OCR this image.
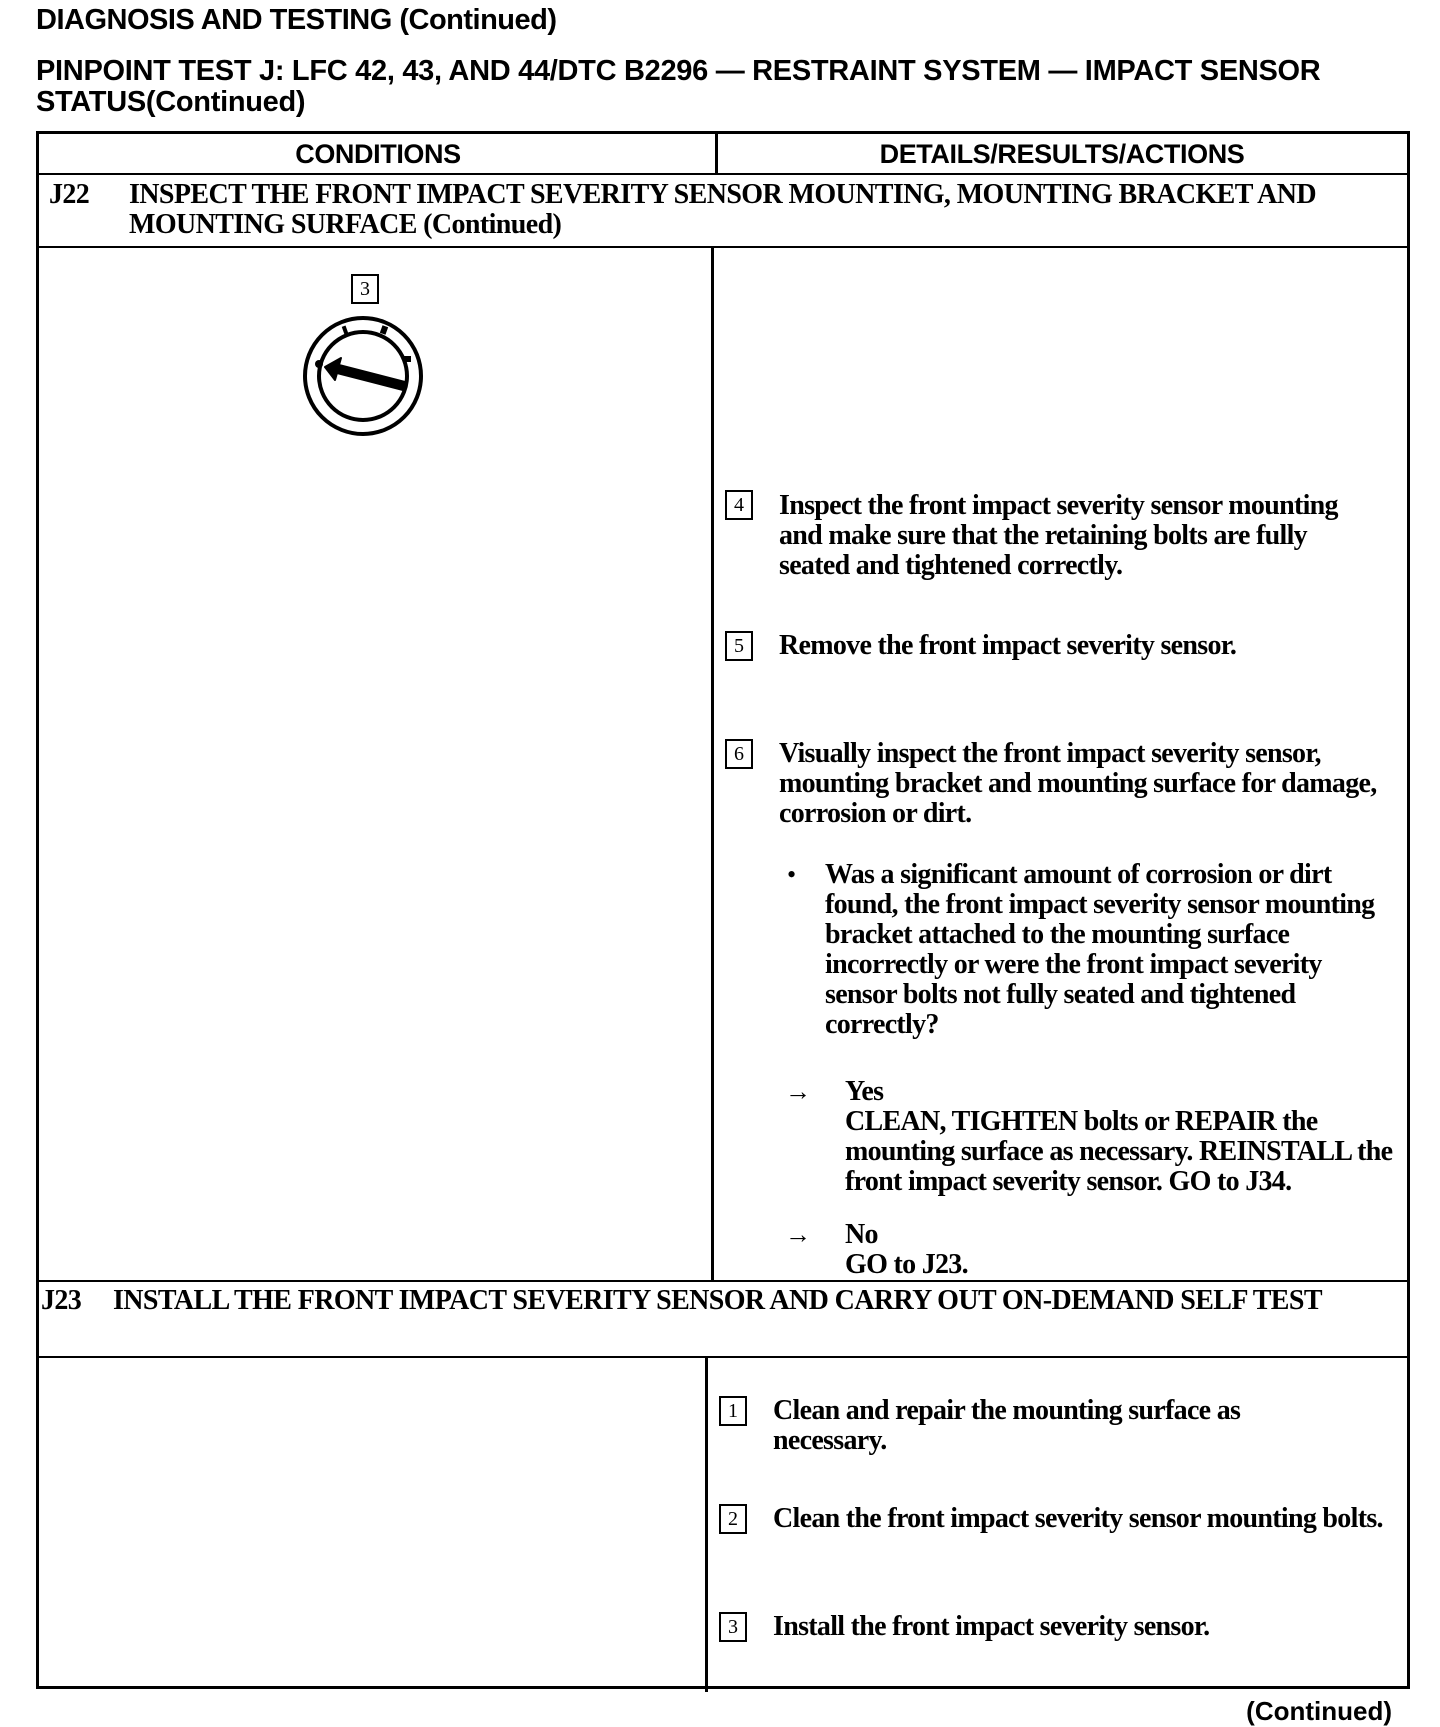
DIAGNOSIS AND TESTING (Continued)
PINPOINT TEST J: LFC 42, 43, AND 44/DTC B2296 — RESTRAINT SYSTEM — IMPACT SENSOR STATUS(Continued)
CONDITIONS	DETAILS/RESULTS/ACTIONS
J22 INSPECT THE FRONT IMPACT SEVERITY SENSOR MOUNTING, MOUNTING BRACKET AND MOUNTING SURFACE (Continued)
3
4	Inspect the front impact severity sensor mounting and make sure that the retaining bolts are fully seated and tightened correctly.
5	Remove the front impact severity sensor.
6	Visually inspect the front impact severity sensor, mounting bracket and mounting surface for damage, corrosion or dirt.
• Was a significant amount of corrosion or dirt found, the front impact severity sensor mounting bracket attached to the mounting surface incorrectly or were the front impact severity sensor bolts not fully seated and tightened correctly?
→ Yes
CLEAN, TIGHTEN bolts or REPAIR the mounting surface as necessary. REINSTALL the front impact severity sensor. GO to J34.
→ No
GO to J23.
J23 INSTALL THE FRONT IMPACT SEVERITY SENSOR AND CARRY OUT ON-DEMAND SELF TEST
1	Clean and repair the mounting surface as necessary.
2	Clean the front impact severity sensor mounting bolts.
3	Install the front impact severity sensor.
(Continued)
